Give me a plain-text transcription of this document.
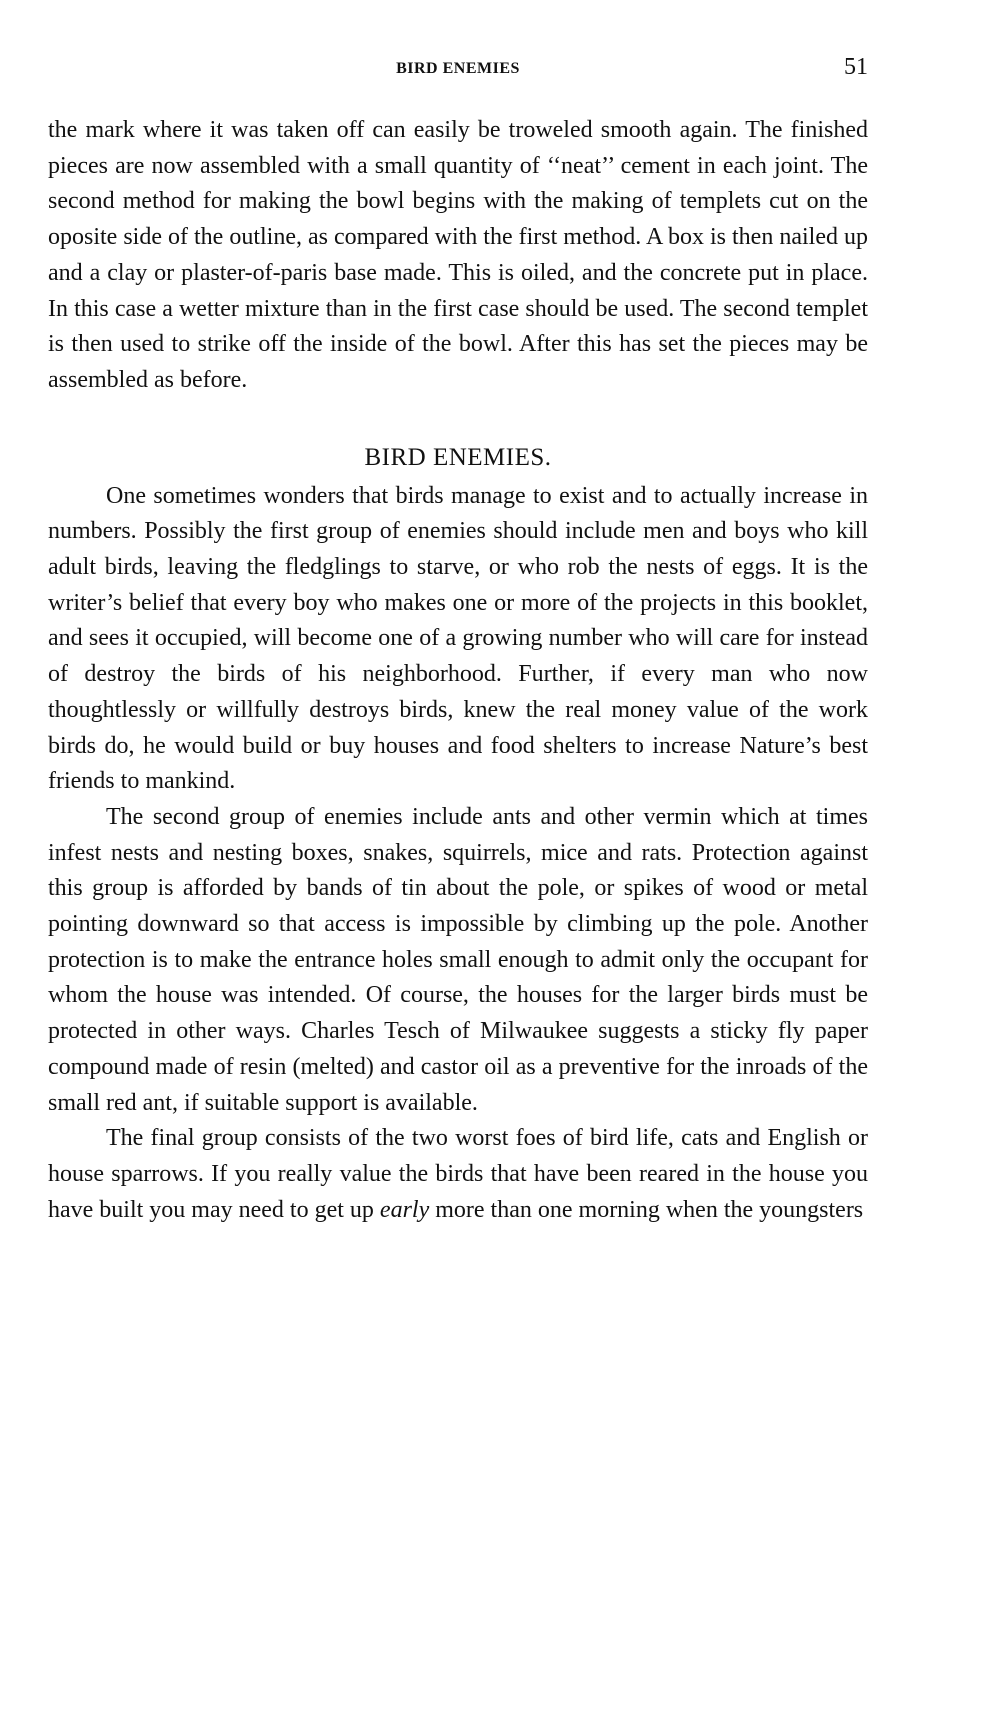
BIRD ENEMIES	51

the mark where it was taken off can easily be troweled smooth again. The finished pieces are now assembled with a small quantity of ‘‘neat’’ cement in each joint. The second method for making the bowl begins with the making of templets cut on the oposite side of the outline, as compared with the first method. A box is then nailed up and a clay or plaster-of-paris base made. This is oiled, and the concrete put in place. In this case a wetter mixture than in the first case should be used. The second templet is then used to strike off the inside of the bowl. After this has set the pieces may be assembled as before.

BIRD ENEMIES.

One sometimes wonders that birds manage to exist and to actually increase in numbers. Possibly the first group of enemies should include men and boys who kill adult birds, leaving the fledglings to starve, or who rob the nests of eggs. It is the writer’s belief that every boy who makes one or more of the projects in this booklet, and sees it occupied, will become one of a growing number who will care for instead of destroy the birds of his neighborhood. Further, if every man who now thoughtlessly or willfully destroys birds, knew the real money value of the work birds do, he would build or buy houses and food shelters to increase Nature’s best friends to mankind.

The second group of enemies include ants and other vermin which at times infest nests and nesting boxes, snakes, squirrels, mice and rats. Protection against this group is afforded by bands of tin about the pole, or spikes of wood or metal pointing downward so that access is impossible by climbing up the pole. Another protection is to make the entrance holes small enough to admit only the occupant for whom the house was intended. Of course, the houses for the larger birds must be protected in other ways. Charles Tesch of Milwaukee suggests a sticky fly paper compound made of resin (melted) and castor oil as a preventive for the inroads of the small red ant, if suitable support is available.

The final group consists of the two worst foes of bird life, cats and English or house sparrows. If you really value the birds that have been reared in the house you have built you may need to get up early more than one morning when the youngsters
